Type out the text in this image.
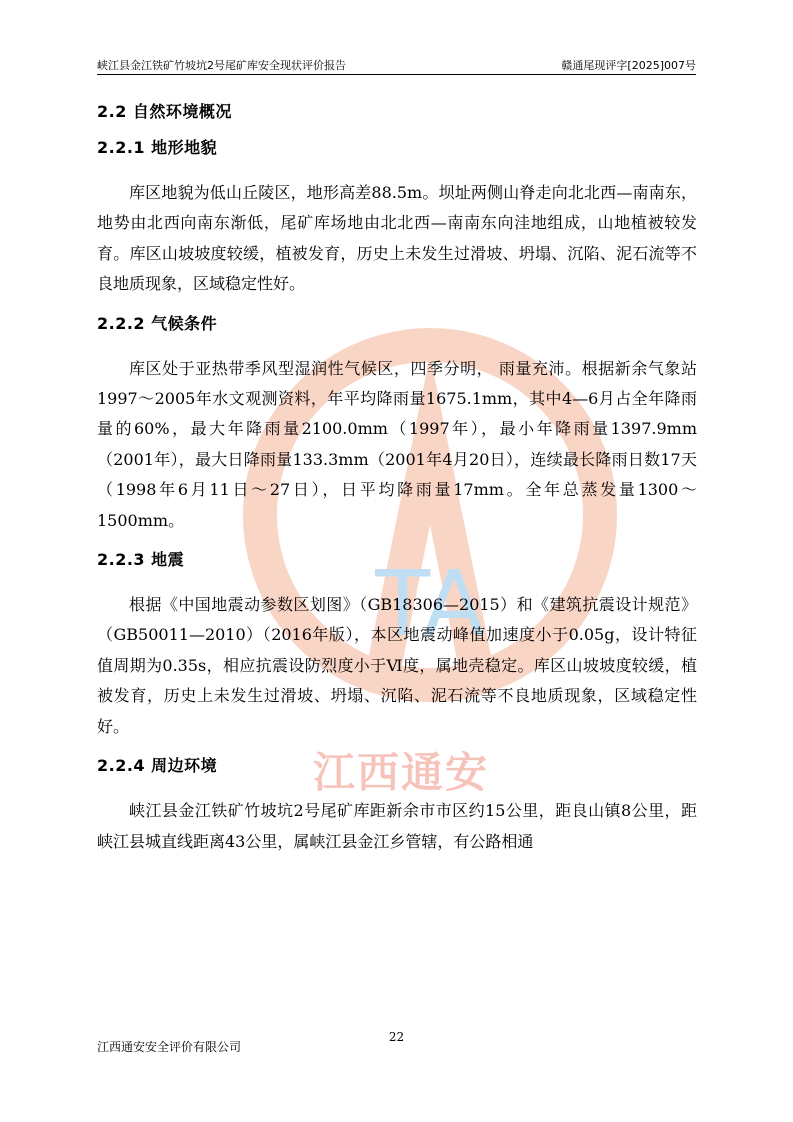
峡江县金江铁矿竹坡坑2号尾矿库安全现状评价报告	赣通尾现评字[2025]007号
TA
江西通安
2.2 自然环境概况
2.2.1 地形地貌

库区地貌为低山丘陵区，地形高差88.5m。坝址两侧山脊走向北北西—南南东，地势由北西向南东渐低，尾矿库场地由北北西—南南东向洼地组成，山地植被较发育。库区山坡坡度较缓，植被发育，历史上未发生过滑坡、坍塌、沉陷、泥石流等不良地质现象，区域稳定性好。

2.2.2 气候条件

库区处于亚热带季风型湿润性气候区，四季分明， 雨量充沛。根据新余气象站1997～2005年水文观测资料，年平均降雨量1675.1mm，其中4—6月占全年降雨量的60%，最大年降雨量2100.0mm（1997年），最小年降雨量1397.9mm（2001年），最大日降雨量133.3mm（2001年4月20日），连续最长降雨日数17天（1998年6月11日～27日），日平均降雨量17mm。全年总蒸发量1300～1500mm。

2.2.3 地震

根据《中国地震动参数区划图》（GB18306—2015）和《建筑抗震设计规范》（GB50011—2010）（2016年版），本区地震动峰值加速度小于0.05g，设计特征值周期为0.35s，相应抗震设防烈度小于Ⅵ度，属地壳稳定。库区山坡坡度较缓，植被发育，历史上未发生过滑坡、坍塌、沉陷、泥石流等不良地质现象，区域稳定性好。

2.2.4 周边环境

峡江县金江铁矿竹坡坑2号尾矿库距新余市市区约15公里，距良山镇8公里，距峡江县城直线距离43公里，属峡江县金江乡管辖，有公路相通

22
江西通安安全评价有限公司
